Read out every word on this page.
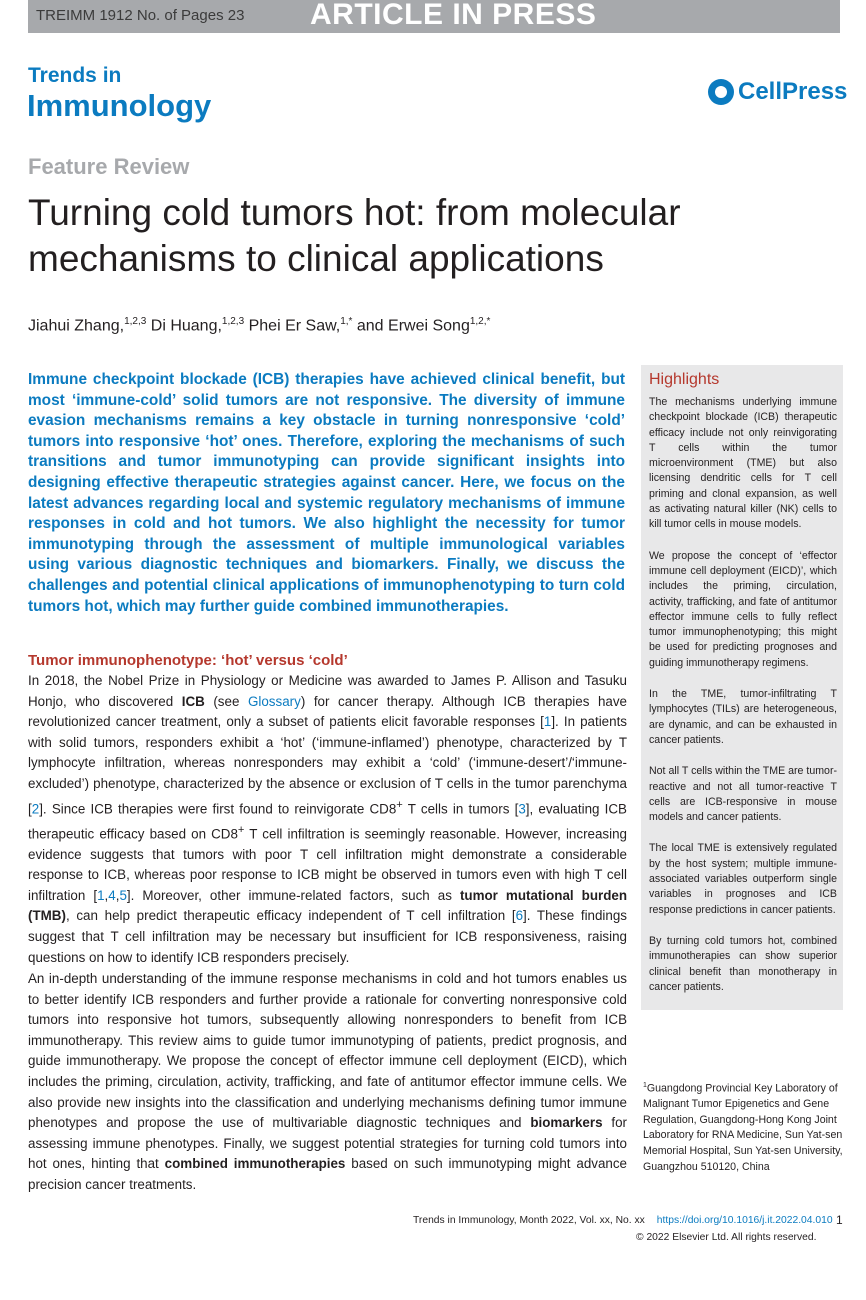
TREIMM 1912 No. of Pages 23 ARTICLE IN PRESS
Trends in
Immunology	CellPress
Feature Review
Turning cold tumors hot: from molecular mechanisms to clinical applications
Jiahui Zhang,$^{1,2,3}$ Di Huang,$^{1,2,3}$ Phei Er Saw,$^{1,*}$ and Erwei Song$^{1,2,*}$
Immune checkpoint blockade (ICB) therapies have achieved clinical benefit, but most ‘immune-cold’ solid tumors are not responsive. The diversity of immune evasion mechanisms remains a key obstacle in turning nonresponsive ‘cold’ tumors into responsive ‘hot’ ones. Therefore, exploring the mechanisms of such transitions and tumor immunotyping can provide significant insights into designing effective therapeutic strategies against cancer. Here, we focus on the latest advances regarding local and systemic regulatory mechanisms of immune responses in cold and hot tumors. We also highlight the necessity for tumor immunotyping through the assessment of multiple immunological variables using various diagnostic techniques and biomarkers. Finally, we discuss the challenges and potential clinical applications of immunophenotyping to turn cold tumors hot, which may further guide combined immunotherapies.
Tumor immunophenotype: ‘hot’ versus ‘cold’
In 2018, the Nobel Prize in Physiology or Medicine was awarded to James P. Allison and Tasuku Honjo, who discovered ICB (see Glossary) for cancer therapy. Although ICB therapies have revolutionized cancer treatment, only a subset of patients elicit favorable responses [1]. In patients with solid tumors, responders exhibit a ‘hot’ (‘immune-inflamed’) phenotype, characterized by T lymphocyte infiltration, whereas nonresponders may exhibit a ‘cold’ (‘immune-desert’/‘immune-excluded’) phenotype, characterized by the absence or exclusion of T cells in the tumor parenchyma [2]. Since ICB therapies were first found to reinvigorate CD8+ T cells in tumors [3], evaluating ICB therapeutic efficacy based on CD8+ T cell infiltration is seemingly reasonable. However, increasing evidence suggests that tumors with poor T cell infiltration might demonstrate a considerable response to ICB, whereas poor response to ICB might be observed in tumors even with high T cell infiltration [1,4,5]. Moreover, other immune-related factors, such as tumor mutational burden (TMB), can help predict therapeutic efficacy independent of T cell infiltration [6]. These findings suggest that T cell infiltration may be necessary but insufficient for ICB responsiveness, raising questions on how to identify ICB responders precisely.
An in-depth understanding of the immune response mechanisms in cold and hot tumors enables us to better identify ICB responders and further provide a rationale for converting nonresponsive cold tumors into responsive hot tumors, subsequently allowing nonresponders to benefit from ICB immunotherapy. This review aims to guide tumor immunotyping of patients, predict prognosis, and guide immunotherapy. We propose the concept of effector immune cell deployment (EICD), which includes the priming, circulation, activity, trafficking, and fate of antitumor effector immune cells. We also provide new insights into the classification and underlying mechanisms defining tumor immune phenotypes and propose the use of multivariable diagnostic techniques and biomarkers for assessing immune phenotypes. Finally, we suggest potential strategies for turning cold tumors into hot ones, hinting that combined immunotherapies based on such immunotyping might advance precision cancer treatments.
Highlights

The mechanisms underlying immune checkpoint blockade (ICB) therapeutic efficacy include not only reinvigorating T cells within the tumor microenvironment (TME) but also licensing dendritic cells for T cell priming and clonal expansion, as well as activating natural killer (NK) cells to kill tumor cells in mouse models.

We propose the concept of ‘effector immune cell deployment (EICD)’, which includes the priming, circulation, activity, trafficking, and fate of antitumor effector immune cells to fully reflect tumor immunophenotyping; this might be used for predicting prognoses and guiding immunotherapy regimens.

In the TME, tumor-infiltrating T lymphocytes (TILs) are heterogeneous, are dynamic, and can be exhausted in cancer patients.

Not all T cells within the TME are tumor-reactive and not all tumor-reactive T cells are ICB-responsive in mouse models and cancer patients.

The local TME is extensively regulated by the host system; multiple immune-associated variables outperform single variables in prognoses and ICB response predictions in cancer patients.

By turning cold tumors hot, combined immunotherapies can show superior clinical benefit than monotherapy in cancer patients.

$^1$Guangdong Provincial Key Laboratory of Malignant Tumor Epigenetics and Gene Regulation, Guangdong-Hong Kong Joint Laboratory for RNA Medicine, Sun Yat-sen Memorial Hospital, Sun Yat-sen University, Guangzhou 510120, China
Trends in Immunology, Month 2022, Vol. xx, No. xx https://doi.org/10.1016/j.it.2022.04.010 1
© 2022 Elsevier Ltd. All rights reserved.
